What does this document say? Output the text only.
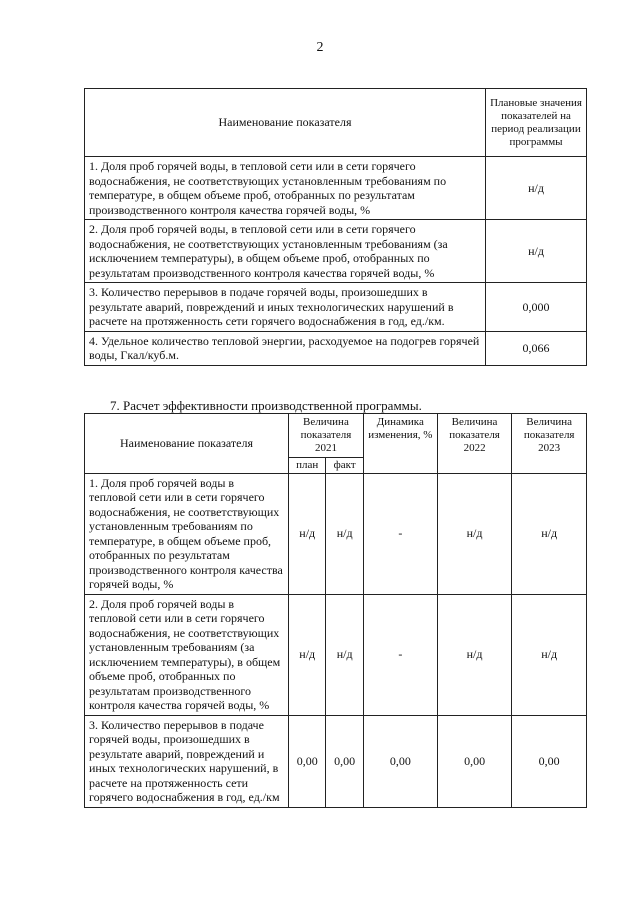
2
Наименование показателя	Плановые значения показателей на период реализации программы
1. Доля проб горячей воды, в тепловой сети или в сети горячего водоснабжения, не соответствующих установленным требованиям по температуре, в общем объеме проб, отобранных по результатам производственного контроля качества горячей воды, %	н/д
2. Доля проб горячей воды, в тепловой сети или в сети горячего водоснабжения, не соответствующих установленным требованиям (за исключением температуры), в общем объеме проб, отобранных по результатам производственного контроля качества горячей воды, %	н/д
3. Количество перерывов в подаче горячей воды, произошедших в результате аварий, повреждений и иных технологических нарушений в расчете на протяженность сети горячего водоснабжения в год, ед./км.	0,000
4. Удельное количество тепловой энергии, расходуемое на подогрев горячей воды, Гкал/куб.м.	0,066
7. Расчет эффективности производственной программы.
Наименование показателя	Величина показателя 2021		Динамика изменения, %	Величина показателя 2022	Величина показателя 2023
	план	факт			
1. Доля проб горячей воды в тепловой сети или в сети горячего водоснабжения, не соответствующих установленным требованиям по температуре, в общем объеме проб, отобранных по результатам производственного контроля качества горячей воды, %	н/д	н/д	-	н/д	н/д
2. Доля проб горячей воды в тепловой сети или в сети горячего водоснабжения, не соответствующих установленным требованиям (за исключением температуры), в общем объеме проб, отобранных по результатам производственного контроля качества горячей воды, %	н/д	н/д	-	н/д	н/д
3. Количество перерывов в подаче горячей воды, произошедших в результате аварий, повреждений и иных технологических нарушений, в расчете на протяженность сети горячего водоснабжения в год, ед./км	0,00	0,00	0,00	0,00	0,00
